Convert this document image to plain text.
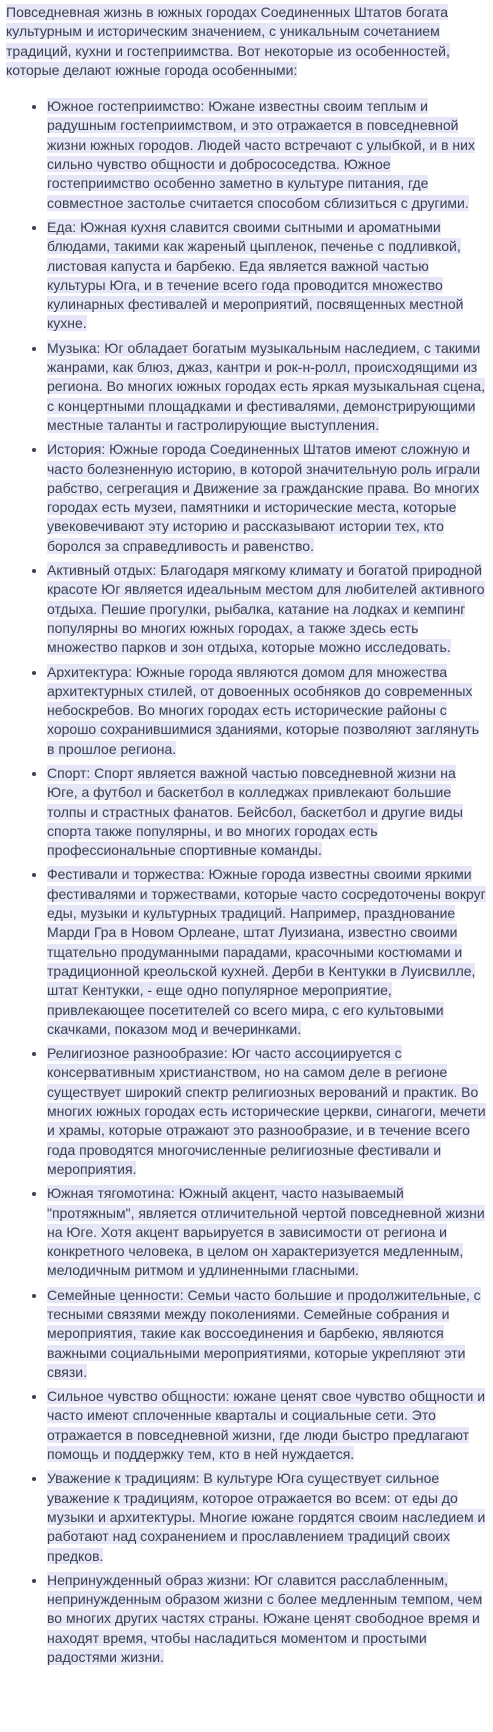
Повседневная жизнь в южных городах Соединенных Штатов богата культурным и историческим значением, с уникальным сочетанием традиций, кухни и гостеприимства. Вот некоторые из особенностей, которые делают южные города особенными:

• Южное гостеприимство: Южане известны своим теплым и радушным гостеприимством, и это отражается в повседневной жизни южных городов. Людей часто встречают с улыбкой, и в них сильно чувство общности и добрососедства. Южное гостеприимство особенно заметно в культуре питания, где совместное застолье считается способом сблизиться с другими.
• Еда: Южная кухня славится своими сытными и ароматными блюдами, такими как жареный цыпленок, печенье с подливкой, листовая капуста и барбекю. Еда является важной частью культуры Юга, и в течение всего года проводится множество кулинарных фестивалей и мероприятий, посвященных местной кухне.
• Музыка: Юг обладает богатым музыкальным наследием, с такими жанрами, как блюз, джаз, кантри и рок-н-ролл, происходящими из региона. Во многих южных городах есть яркая музыкальная сцена, с концертными площадками и фестивалями, демонстрирующими местные таланты и гастролирующие выступления.
• История: Южные города Соединенных Штатов имеют сложную и часто болезненную историю, в которой значительную роль играли рабство, сегрегация и Движение за гражданские права. Во многих городах есть музеи, памятники и исторические места, которые увековечивают эту историю и рассказывают истории тех, кто боролся за справедливость и равенство.
• Активный отдых: Благодаря мягкому климату и богатой природной красоте Юг является идеальным местом для любителей активного отдыха. Пешие прогулки, рыбалка, катание на лодках и кемпинг популярны во многих южных городах, а также здесь есть множество парков и зон отдыха, которые можно исследовать.
• Архитектура: Южные города являются домом для множества архитектурных стилей, от довоенных особняков до современных небоскребов. Во многих городах есть исторические районы с хорошо сохранившимися зданиями, которые позволяют заглянуть в прошлое региона.
• Спорт: Спорт является важной частью повседневной жизни на Юге, а футбол и баскетбол в колледжах привлекают большие толпы и страстных фанатов. Бейсбол, баскетбол и другие виды спорта также популярны, и во многих городах есть профессиональные спортивные команды.
• Фестивали и торжества: Южные города известны своими яркими фестивалями и торжествами, которые часто сосредоточены вокруг еды, музыки и культурных традиций. Например, празднование Марди Гра в Новом Орлеане, штат Луизиана, известно своими тщательно продуманными парадами, красочными костюмами и традиционной креольской кухней. Дерби в Кентукки в Луисвилле, штат Кентукки, - еще одно популярное мероприятие, привлекающее посетителей со всего мира, с его культовыми скачками, показом мод и вечеринками.
• Религиозное разнообразие: Юг часто ассоциируется с консервативным христианством, но на самом деле в регионе существует широкий спектр религиозных верований и практик. Во многих южных городах есть исторические церкви, синагоги, мечети и храмы, которые отражают это разнообразие, и в течение всего года проводятся многочисленные религиозные фестивали и мероприятия.
• Южная тягомотина: Южный акцент, часто называемый "протяжным", является отличительной чертой повседневной жизни на Юге. Хотя акцент варьируется в зависимости от региона и конкретного человека, в целом он характеризуется медленным, мелодичным ритмом и удлиненными гласными.
• Семейные ценности: Семьи часто большие и продолжительные, с тесными связями между поколениями. Семейные собрания и мероприятия, такие как воссоединения и барбекю, являются важными социальными мероприятиями, которые укрепляют эти связи.
• Сильное чувство общности: южане ценят свое чувство общности и часто имеют сплоченные кварталы и социальные сети. Это отражается в повседневной жизни, где люди быстро предлагают помощь и поддержку тем, кто в ней нуждается.
• Уважение к традициям: В культуре Юга существует сильное уважение к традициям, которое отражается во всем: от еды до музыки и архитектуры. Многие южане гордятся своим наследием и работают над сохранением и прославлением традиций своих предков.
• Непринужденный образ жизни: Юг славится расслабленным, непринужденным образом жизни с более медленным темпом, чем во многих других частях страны. Южане ценят свободное время и находят время, чтобы насладиться моментом и простыми радостями жизни.
